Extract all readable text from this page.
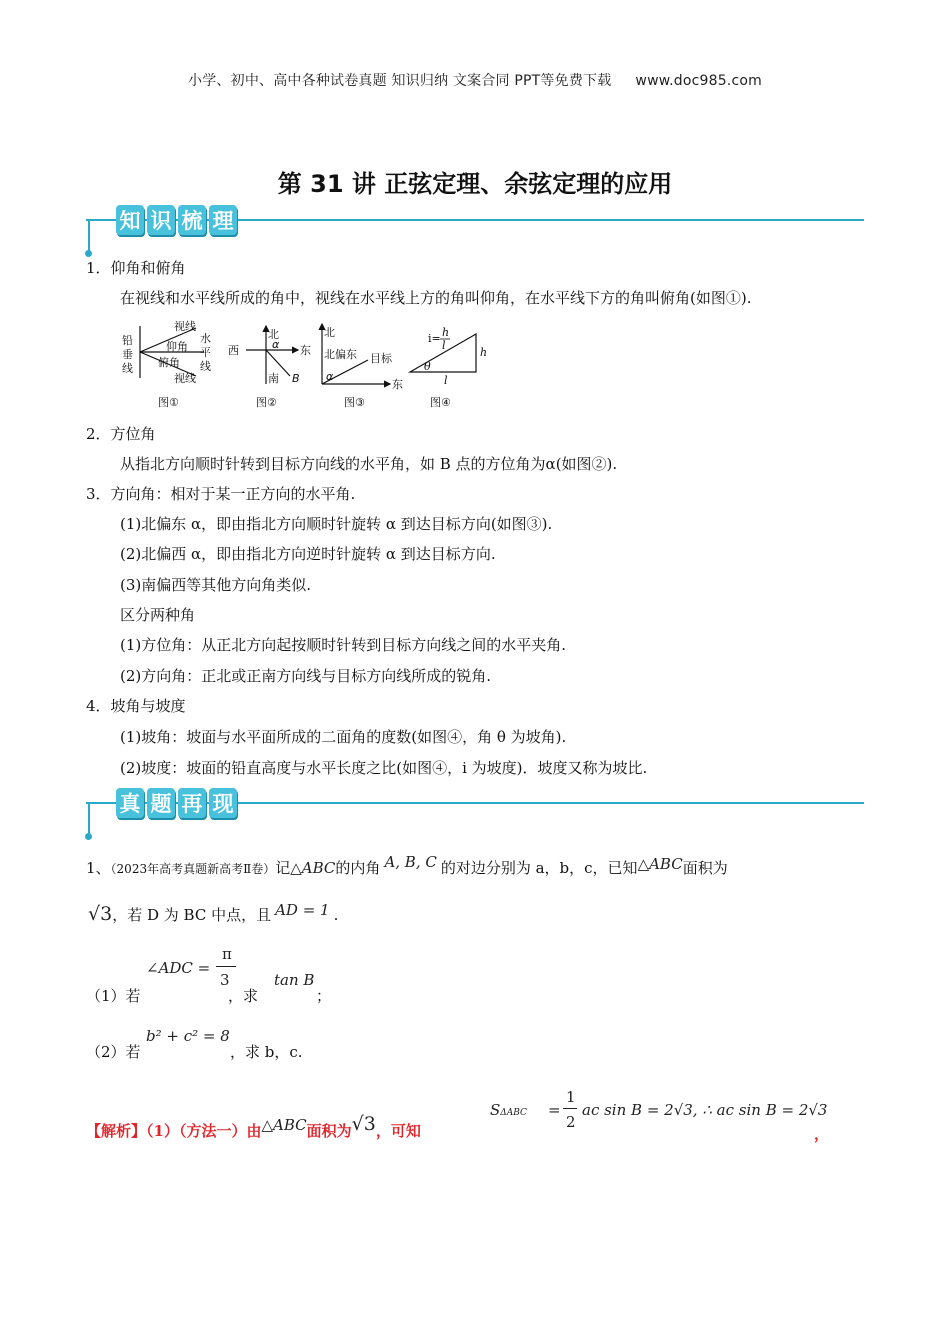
小学、初中、高中各种试卷真题 知识归纳 文案合同 PPT等免费下载 www.doc985.com
第 31 讲 正弦定理、余弦定理的应用
知 识 梳 理
1．仰角和俯角
在视线和水平线所成的角中，视线在水平线上方的角叫仰角，在水平线下方的角叫俯角(如图①).
铅
垂
线
视线
仰角
俯角
视线
水
平
线
图①
北
西	东
南
α
B
图②
北
东
北偏东 目标
α
图③
i= h
l
h
l
θ
图④
2．方位角
从指北方向顺时针转到目标方向线的水平角，如 B 点的方位角为α(如图②).
3．方向角：相对于某一正方向的水平角.
(1)北偏东 α，即由指北方向顺时针旋转 α 到达目标方向(如图③).
(2)北偏西 α，即由指北方向逆时针旋转 α 到达目标方向.
(3)南偏西等其他方向角类似.
区分两种角
(1)方位角：从正北方向起按顺时针转到目标方向线之间的水平夹角.
(2)方向角：正北或正南方向线与目标方向线所成的锐角.
4．坡角与坡度
(1)坡角：坡面与水平面所成的二面角的度数(如图④，角 θ 为坡角).
(2)坡度：坡面的铅直高度与水平长度之比(如图④，i 为坡度)．坡度又称为坡比.
真 题 再 现
1、（2023年高考真题新高考Ⅱ卷）记△ABC的内角 A, B, C 的对边分别为 a，b，c，已知△ABC面积为
√3，若 D 为 BC 中点，且 AD = 1 .
（1）若
∠ADC =
π
3
，求
tan B
；
（2）若
b² + c² = 8
，求 b，c.
【解析】（1）（方法一）由△ABC面积为√3，可知
SΔABC =
1
2
ac sin B = 2√3, ∴ ac sin B = 2√3
，
